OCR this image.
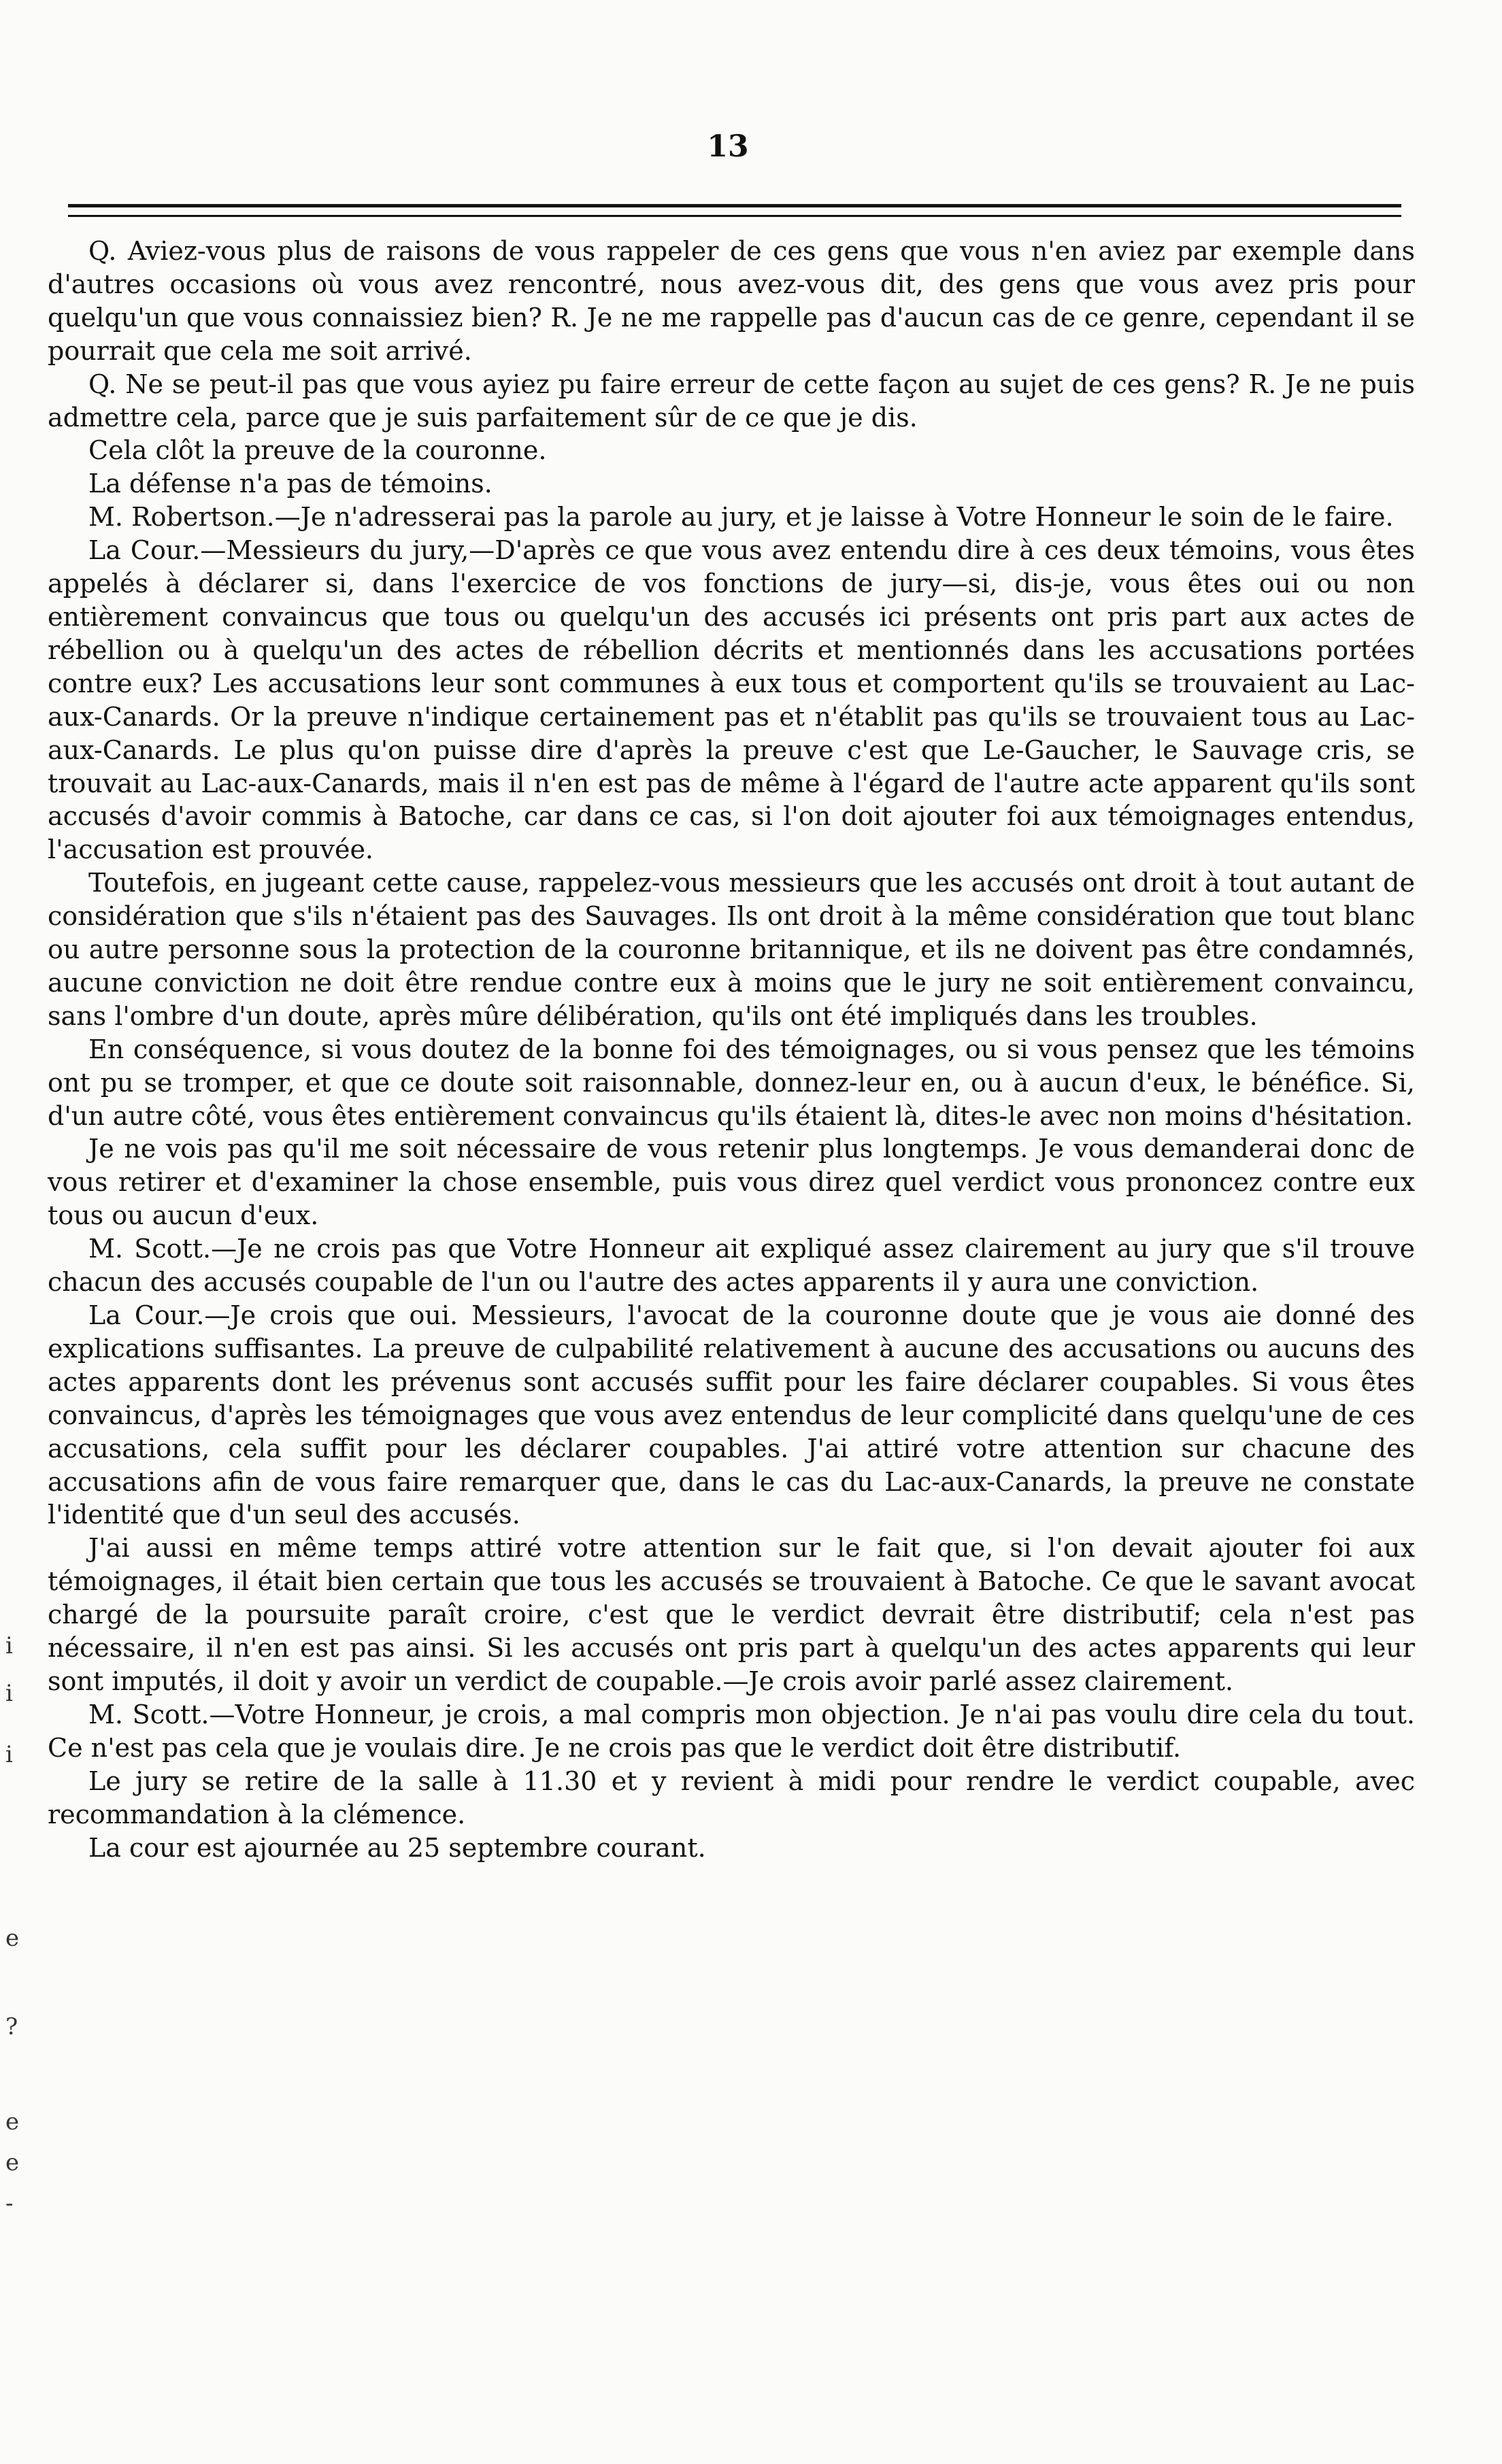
13
i
i
i
e
?
e
e
-

Q. Aviez-vous plus de raisons de vous rappeler de ces gens que vous n'en aviez par exemple dans d'autres occasions où vous avez rencontré, nous avez-vous dit, des gens que vous avez pris pour quelqu'un que vous connaissiez bien? R. Je ne me rappelle pas d'aucun cas de ce genre, cependant il se pourrait que cela me soit arrivé.

Q. Ne se peut-il pas que vous ayiez pu faire erreur de cette façon au sujet de ces gens? R. Je ne puis admettre cela, parce que je suis parfaitement sûr de ce que je dis.

Cela clôt la preuve de la couronne.

La défense n'a pas de témoins.

M. Robertson.—Je n'adresserai pas la parole au jury, et je laisse à Votre Honneur le soin de le faire.

La Cour.—Messieurs du jury,—D'après ce que vous avez entendu dire à ces deux témoins, vous êtes appelés à déclarer si, dans l'exercice de vos fonctions de jury—si, dis-je, vous êtes oui ou non entièrement convaincus que tous ou quelqu'un des accusés ici présents ont pris part aux actes de rébellion ou à quelqu'un des actes de rébellion décrits et mentionnés dans les accusations portées contre eux? Les accusations leur sont communes à eux tous et comportent qu'ils se trouvaient au Lac-aux-Canards. Or la preuve n'indique certainement pas et n'établit pas qu'ils se trouvaient tous au Lac-aux-Canards. Le plus qu'on puisse dire d'après la preuve c'est que Le-Gaucher, le Sauvage cris, se trouvait au Lac-aux-Canards, mais il n'en est pas de même à l'égard de l'autre acte apparent qu'ils sont accusés d'avoir commis à Batoche, car dans ce cas, si l'on doit ajouter foi aux témoignages entendus, l'accusation est prouvée.

Toutefois, en jugeant cette cause, rappelez-vous messieurs que les accusés ont droit à tout autant de considération que s'ils n'étaient pas des Sauvages. Ils ont droit à la même considération que tout blanc ou autre personne sous la protection de la couronne britannique, et ils ne doivent pas être condamnés, aucune conviction ne doit être rendue contre eux à moins que le jury ne soit entièrement convaincu, sans l'ombre d'un doute, après mûre délibération, qu'ils ont été impliqués dans les troubles.

En conséquence, si vous doutez de la bonne foi des témoignages, ou si vous pensez que les témoins ont pu se tromper, et que ce doute soit raisonnable, donnez-leur en, ou à aucun d'eux, le bénéfice. Si, d'un autre côté, vous êtes entièrement convaincus qu'ils étaient là, dites-le avec non moins d'hésitation.

Je ne vois pas qu'il me soit nécessaire de vous retenir plus longtemps. Je vous demanderai donc de vous retirer et d'examiner la chose ensemble, puis vous direz quel verdict vous prononcez contre eux tous ou aucun d'eux.

M. Scott.—Je ne crois pas que Votre Honneur ait expliqué assez clairement au jury que s'il trouve chacun des accusés coupable de l'un ou l'autre des actes apparents il y aura une conviction.

La Cour.—Je crois que oui. Messieurs, l'avocat de la couronne doute que je vous aie donné des explications suffisantes. La preuve de culpabilité relativement à aucune des accusations ou aucuns des actes apparents dont les prévenus sont accusés suffit pour les faire déclarer coupables. Si vous êtes convaincus, d'après les témoignages que vous avez entendus de leur complicité dans quelqu'une de ces accusations, cela suffit pour les déclarer coupables. J'ai attiré votre attention sur chacune des accusations afin de vous faire remarquer que, dans le cas du Lac-aux-Canards, la preuve ne constate l'identité que d'un seul des accusés.

J'ai aussi en même temps attiré votre attention sur le fait que, si l'on devait ajouter foi aux témoignages, il était bien certain que tous les accusés se trouvaient à Batoche. Ce que le savant avocat chargé de la poursuite paraît croire, c'est que le verdict devrait être distributif; cela n'est pas nécessaire, il n'en est pas ainsi. Si les accusés ont pris part à quelqu'un des actes apparents qui leur sont imputés, il doit y avoir un verdict de coupable.—Je crois avoir parlé assez clairement.

M. Scott.—Votre Honneur, je crois, a mal compris mon objection. Je n'ai pas voulu dire cela du tout. Ce n'est pas cela que je voulais dire. Je ne crois pas que le verdict doit être distributif.

Le jury se retire de la salle à 11.30 et y revient à midi pour rendre le verdict coupable, avec recommandation à la clémence.

La cour est ajournée au 25 septembre courant.
